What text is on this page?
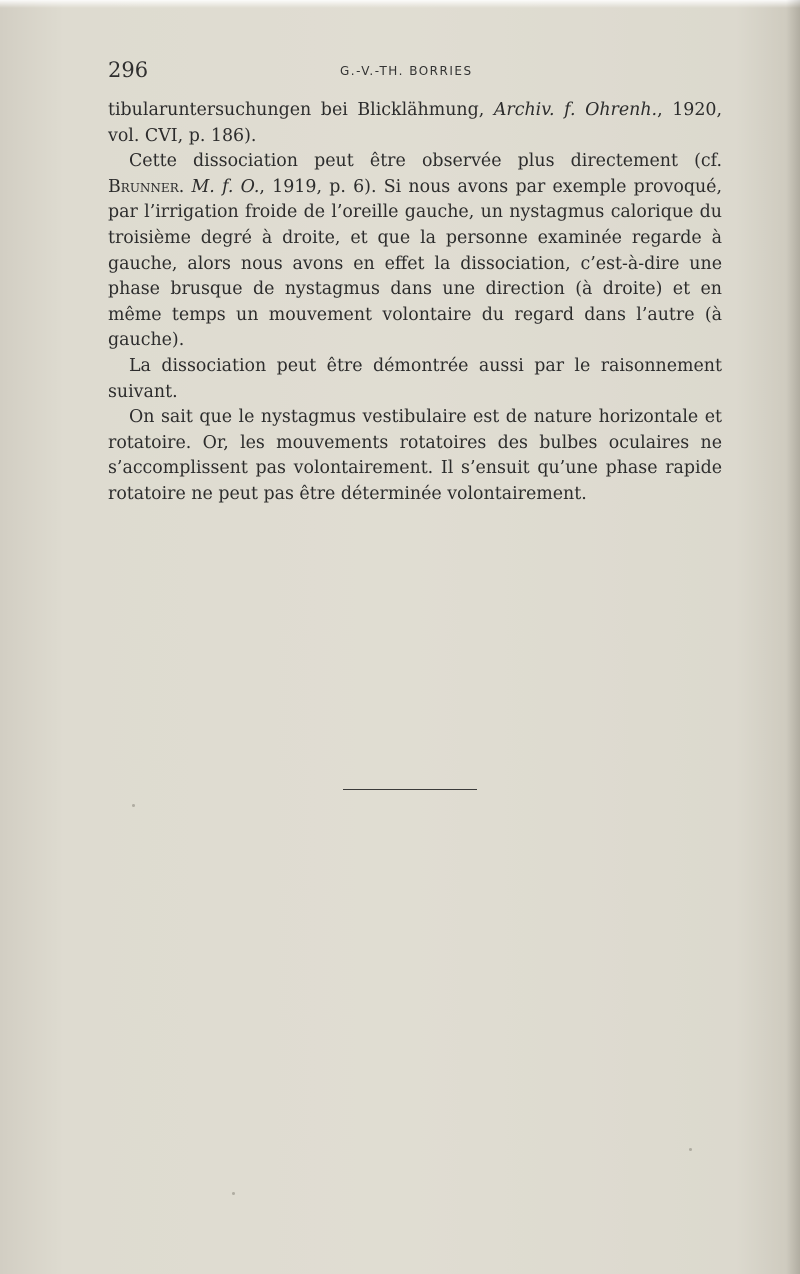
296	G.-V.-TH. BORRIES

tibularuntersuchungen bei Blicklähmung, Archiv. f. Ohrenh., 1920, vol. CVI, p. 186).

Cette dissociation peut être observée plus directement (cf. Brunner. M. f. O., 1919, p. 6). Si nous avons par exemple provoqué, par l’irrigation froide de l’oreille gauche, un nystagmus calorique du troisième degré à droite, et que la personne examinée regarde à gauche, alors nous avons en effet la dissociation, c’est-à-dire une phase brusque de nystagmus dans une direction (à droite) et en même temps un mouvement volontaire du regard dans l’autre (à gauche).

La dissociation peut être démontrée aussi par le raisonnement suivant.

On sait que le nystagmus vestibulaire est de nature horizontale et rotatoire. Or, les mouvements rotatoires des bulbes oculaires ne s’accomplissent pas volontairement. Il s’ensuit qu’une phase rapide rotatoire ne peut pas être déterminée volontairement.
